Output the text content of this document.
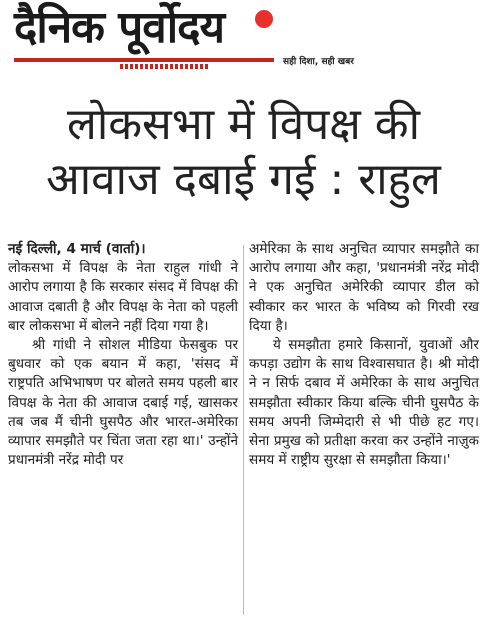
दैनिक पूर्वोदय
सही दिशा, सही खबर
लोकसभा में विपक्ष की
आवाज दबाई गई : राहुल

नई दिल्ली, 4 मार्च (वार्ता)।

लोकसभा में विपक्ष के नेता राहुल गांधी ने आरोप लगाया है कि सरकार संसद में विपक्ष की आवाज दबाती है और विपक्ष के नेता को पहली बार लोकसभा में बोलने नहीं दिया गया है।

श्री गांधी ने सोशल मीडिया फेसबुक पर बुधवार को एक बयान में कहा, 'संसद में राष्ट्रपति अभिभाषण पर बोलते समय पहली बार विपक्ष के नेता की आवाज दबाई गई, खासकर तब जब मैं चीनी घुसपैठ और भारत-अमेरिका व्यापार समझौते पर चिंता जता रहा था।' उन्होंने प्रधानमंत्री नरेंद्र मोदी पर

अमेरिका के साथ अनुचित व्यापार समझौते का आरोप लगाया और कहा, 'प्रधानमंत्री नरेंद्र मोदी ने एक अनुचित अमेरिकी व्यापार डील को स्वीकार कर भारत के भविष्य को गिरवी रख दिया है।

ये समझौता हमारे किसानों, युवाओं और कपड़ा उद्योग के साथ विश्वासघात है। श्री मोदी ने न सिर्फ दबाव में अमेरिका के साथ अनुचित समझौता स्वीकार किया बल्कि चीनी घुसपैठ के समय अपनी जिम्मेदारी से भी पीछे हट गए। सेना प्रमुख को प्रतीक्षा करवा कर उन्होंने नाज़ुक समय में राष्ट्रीय सुरक्षा से समझौता किया।'
